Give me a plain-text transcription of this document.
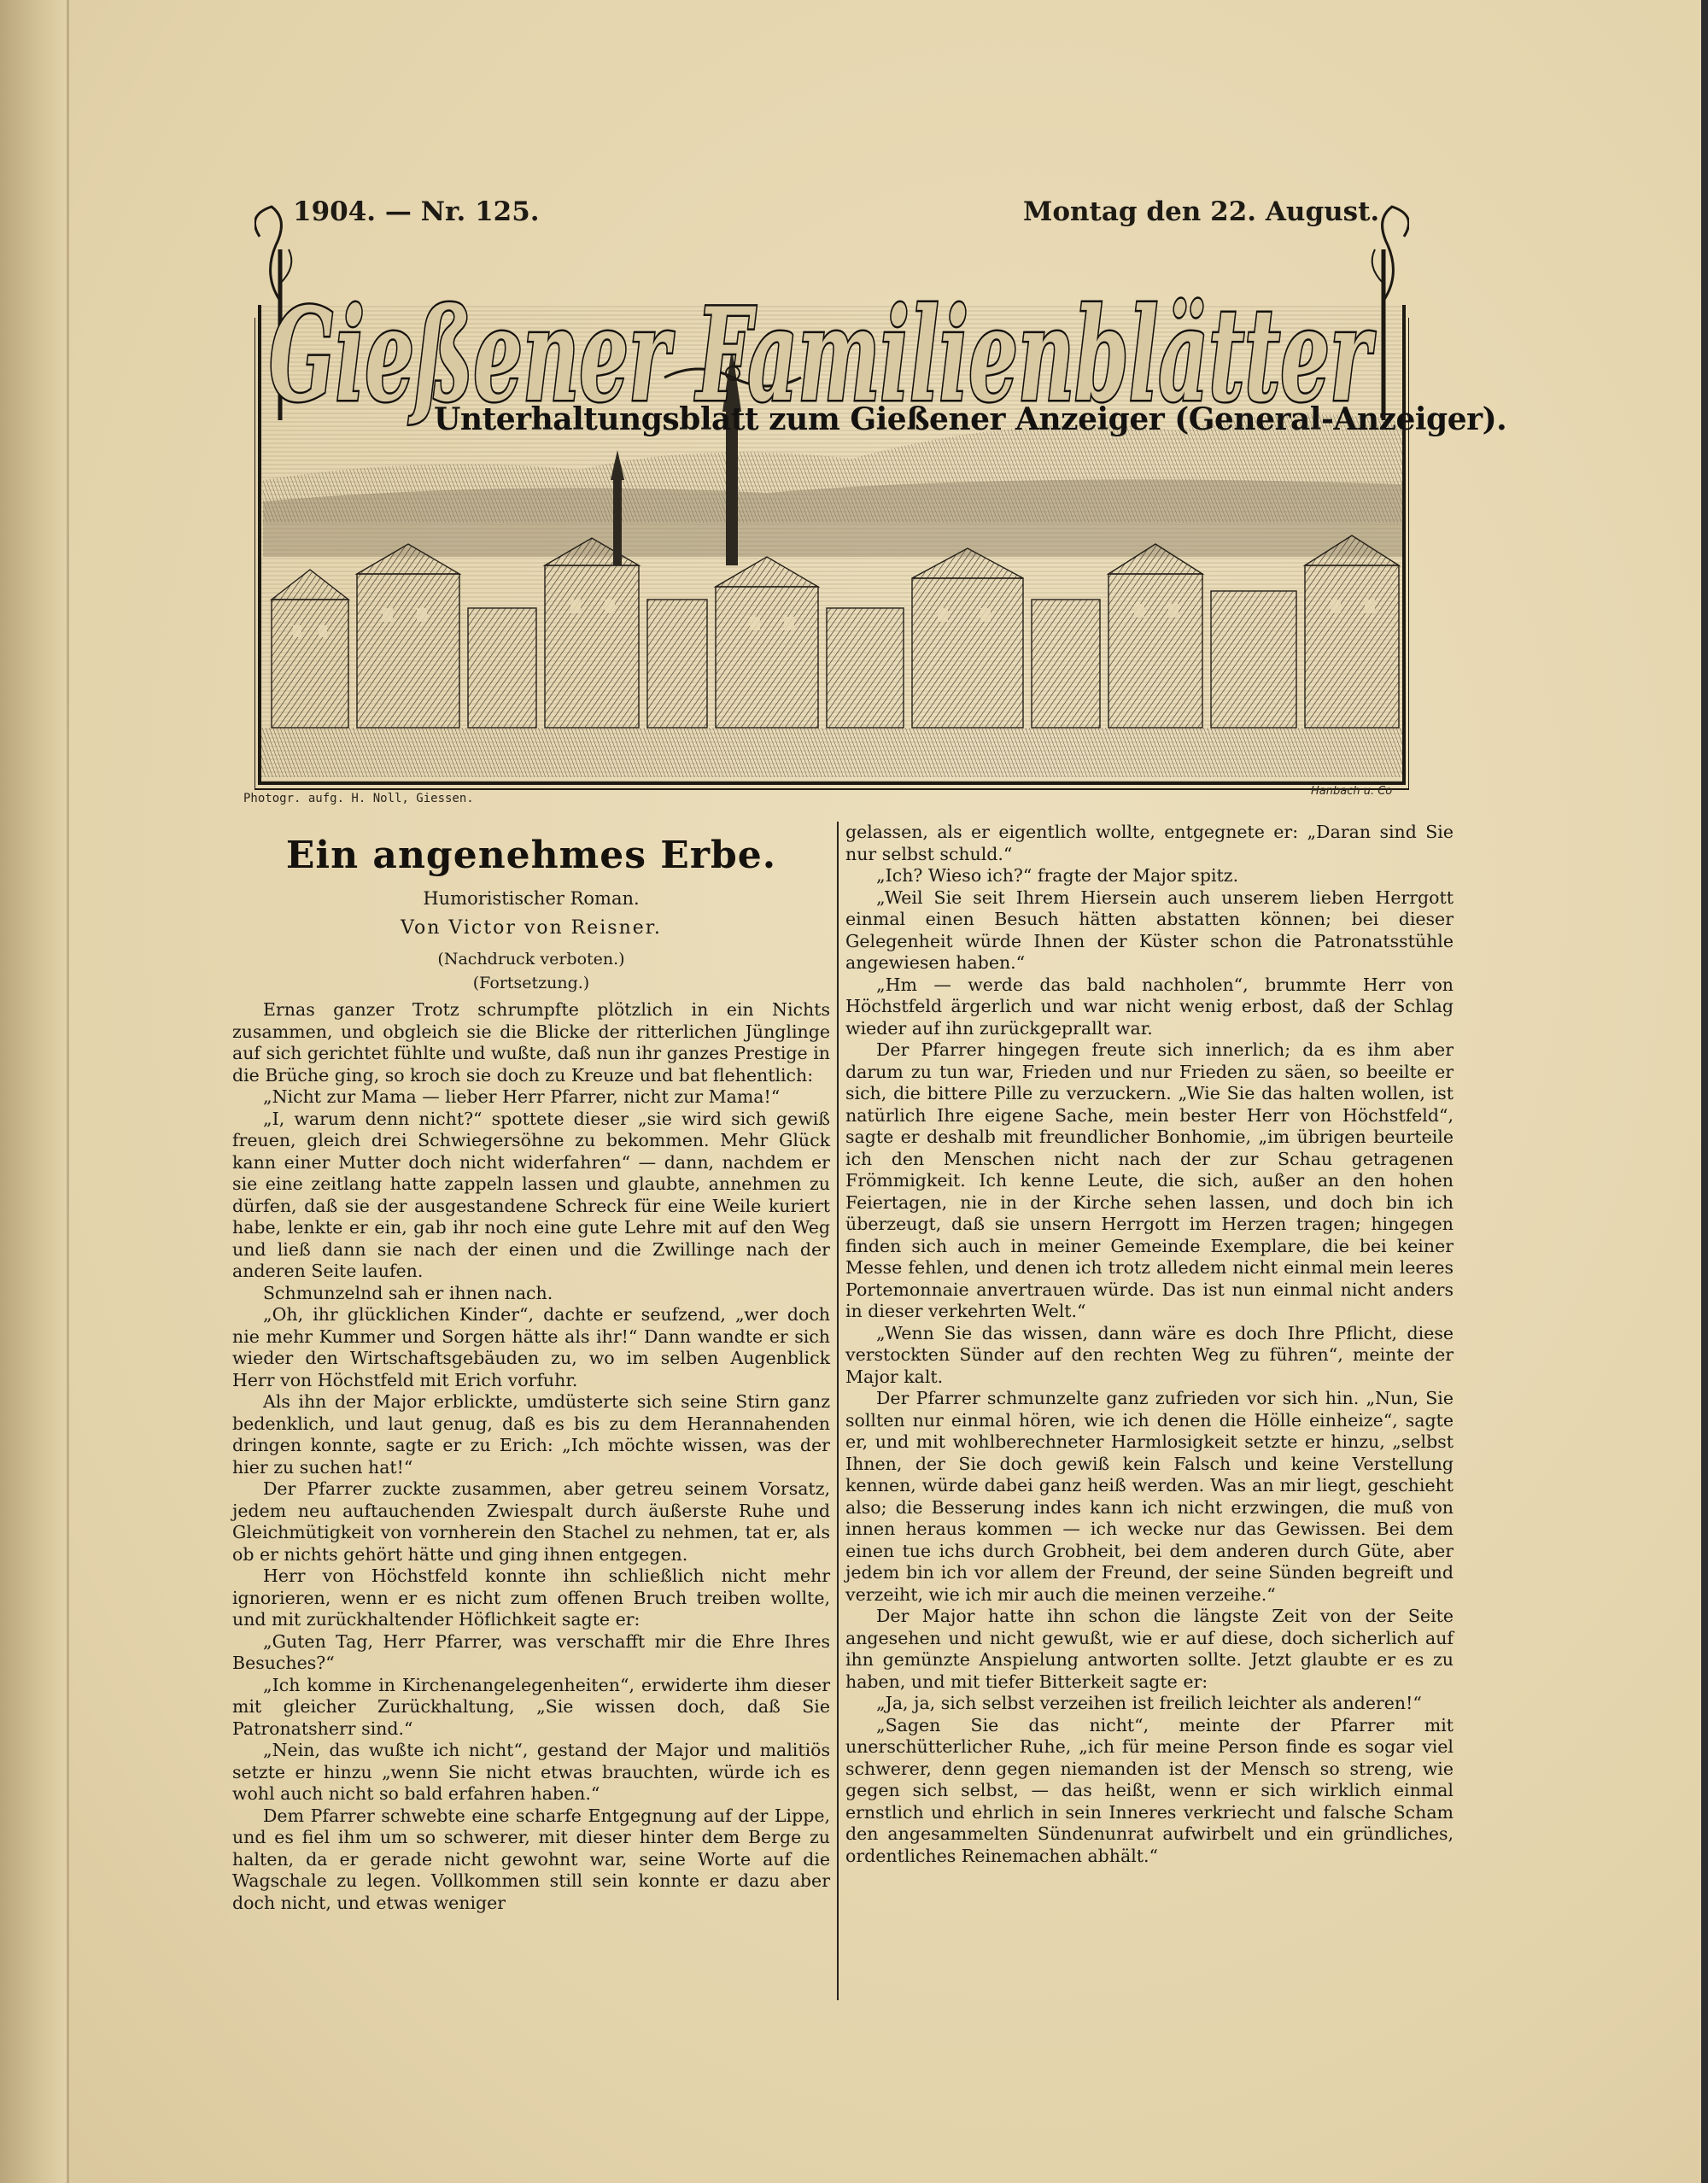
1904. — Nr. 125.	Montag den 22. August.
Gießener Familienblätter
Unterhaltungsblatt zum Gießener Anzeiger (General-Anzeiger).
Photogr. aufg. H. Noll, Giessen.
Hanbach u. Co
Ein angenehmes Erbe.
Humoristischer Roman.
Von Victor von Reisner.
(Nachdruck verboten.)
(Fortsetzung.)

Ernas ganzer Trotz schrumpfte plötzlich in ein Nichts zusammen, und obgleich sie die Blicke der ritterlichen Jünglinge auf sich gerichtet fühlte und wußte, daß nun ihr ganzes Prestige in die Brüche ging, so kroch sie doch zu Kreuze und bat flehentlich:

„Nicht zur Mama — lieber Herr Pfarrer, nicht zur Mama!“

„I, warum denn nicht?“ spottete dieser „sie wird sich gewiß freuen, gleich drei Schwiegersöhne zu bekommen. Mehr Glück kann einer Mutter doch nicht widerfahren“ — dann, nachdem er sie eine zeitlang hatte zappeln lassen und glaubte, annehmen zu dürfen, daß sie der ausgestandene Schreck für eine Weile kuriert habe, lenkte er ein, gab ihr noch eine gute Lehre mit auf den Weg und ließ dann sie nach der einen und die Zwillinge nach der anderen Seite laufen.

Schmunzelnd sah er ihnen nach.

„Oh, ihr glücklichen Kinder“, dachte er seufzend, „wer doch nie mehr Kummer und Sorgen hätte als ihr!“ Dann wandte er sich wieder den Wirtschaftsgebäuden zu, wo im selben Augenblick Herr von Höchstfeld mit Erich vorfuhr.

Als ihn der Major erblickte, umdüsterte sich seine Stirn ganz bedenklich, und laut genug, daß es bis zu dem Herannahenden dringen konnte, sagte er zu Erich: „Ich möchte wissen, was der hier zu suchen hat!“

Der Pfarrer zuckte zusammen, aber getreu seinem Vorsatz, jedem neu auftauchenden Zwiespalt durch äußerste Ruhe und Gleichmütigkeit von vornherein den Stachel zu nehmen, tat er, als ob er nichts gehört hätte und ging ihnen entgegen.

Herr von Höchstfeld konnte ihn schließlich nicht mehr ignorieren, wenn er es nicht zum offenen Bruch treiben wollte, und mit zurückhaltender Höflichkeit sagte er:

„Guten Tag, Herr Pfarrer, was verschafft mir die Ehre Ihres Besuches?“

„Ich komme in Kirchenangelegenheiten“, erwiderte ihm dieser mit gleicher Zurückhaltung, „Sie wissen doch, daß Sie Patronatsherr sind.“

„Nein, das wußte ich nicht“, gestand der Major und malitiös setzte er hinzu „wenn Sie nicht etwas brauchten, würde ich es wohl auch nicht so bald erfahren haben.“

Dem Pfarrer schwebte eine scharfe Entgegnung auf der Lippe, und es fiel ihm um so schwerer, mit dieser hinter dem Berge zu halten, da er gerade nicht gewohnt war, seine Worte auf die Wagschale zu legen. Vollkommen still sein konnte er dazu aber doch nicht, und etwas weniger

gelassen, als er eigentlich wollte, entgegnete er: „Daran sind Sie nur selbst schuld.“

„Ich? Wieso ich?“ fragte der Major spitz.

„Weil Sie seit Ihrem Hiersein auch unserem lieben Herrgott einmal einen Besuch hätten abstatten können; bei dieser Gelegenheit würde Ihnen der Küster schon die Patronatsstühle angewiesen haben.“

„Hm — werde das bald nachholen“, brummte Herr von Höchstfeld ärgerlich und war nicht wenig erbost, daß der Schlag wieder auf ihn zurückgeprallt war.

Der Pfarrer hingegen freute sich innerlich; da es ihm aber darum zu tun war, Frieden und nur Frieden zu säen, so beeilte er sich, die bittere Pille zu verzuckern. „Wie Sie das halten wollen, ist natürlich Ihre eigene Sache, mein bester Herr von Höchstfeld“, sagte er deshalb mit freundlicher Bonhomie, „im übrigen beurteile ich den Menschen nicht nach der zur Schau getragenen Frömmigkeit. Ich kenne Leute, die sich, außer an den hohen Feiertagen, nie in der Kirche sehen lassen, und doch bin ich überzeugt, daß sie unsern Herrgott im Herzen tragen; hingegen finden sich auch in meiner Gemeinde Exemplare, die bei keiner Messe fehlen, und denen ich trotz alledem nicht einmal mein leeres Portemonnaie anvertrauen würde. Das ist nun einmal nicht anders in dieser verkehrten Welt.“

„Wenn Sie das wissen, dann wäre es doch Ihre Pflicht, diese verstockten Sünder auf den rechten Weg zu führen“, meinte der Major kalt.

Der Pfarrer schmunzelte ganz zufrieden vor sich hin. „Nun, Sie sollten nur einmal hören, wie ich denen die Hölle einheize“, sagte er, und mit wohlberechneter Harmlosigkeit setzte er hinzu, „selbst Ihnen, der Sie doch gewiß kein Falsch und keine Verstellung kennen, würde dabei ganz heiß werden. Was an mir liegt, geschieht also; die Besserung indes kann ich nicht erzwingen, die muß von innen heraus kommen — ich wecke nur das Gewissen. Bei dem einen tue ichs durch Grobheit, bei dem anderen durch Güte, aber jedem bin ich vor allem der Freund, der seine Sünden begreift und verzeiht, wie ich mir auch die meinen verzeihe.“

Der Major hatte ihn schon die längste Zeit von der Seite angesehen und nicht gewußt, wie er auf diese, doch sicherlich auf ihn gemünzte Anspielung antworten sollte. Jetzt glaubte er es zu haben, und mit tiefer Bitterkeit sagte er:

„Ja, ja, sich selbst verzeihen ist freilich leichter als anderen!“

„Sagen Sie das nicht“, meinte der Pfarrer mit unerschütterlicher Ruhe, „ich für meine Person finde es sogar viel schwerer, denn gegen niemanden ist der Mensch so streng, wie gegen sich selbst, — das heißt, wenn er sich wirklich einmal ernstlich und ehrlich in sein Inneres verkriecht und falsche Scham den angesammelten Sündenunrat aufwirbelt und ein gründliches, ordentliches Reinemachen abhält.“
